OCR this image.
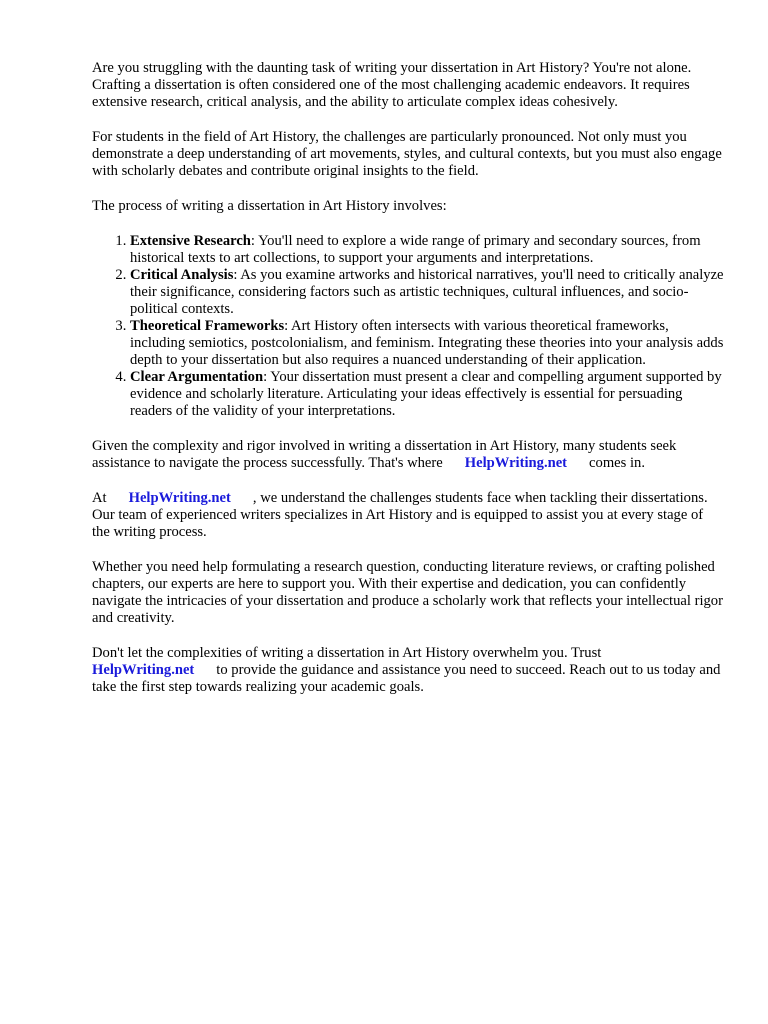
Are you struggling with the daunting task of writing your dissertation in Art History? You're not alone. Crafting a dissertation is often considered one of the most challenging academic endeavors. It requires extensive research, critical analysis, and the ability to articulate complex ideas cohesively.

For students in the field of Art History, the challenges are particularly pronounced. Not only must you demonstrate a deep understanding of art movements, styles, and cultural contexts, but you must also engage with scholarly debates and contribute original insights to the field.

The process of writing a dissertation in Art History involves:

1. Extensive Research: You'll need to explore a wide range of primary and secondary sources, from historical texts to art collections, to support your arguments and interpretations.
2. Critical Analysis: As you examine artworks and historical narratives, you'll need to critically analyze their significance, considering factors such as artistic techniques, cultural influences, and socio-political contexts.
3. Theoretical Frameworks: Art History often intersects with various theoretical frameworks, including semiotics, postcolonialism, and feminism. Integrating these theories into your analysis adds depth to your dissertation but also requires a nuanced understanding of their application.
4. Clear Argumentation: Your dissertation must present a clear and compelling argument supported by evidence and scholarly literature. Articulating your ideas effectively is essential for persuading readers of the validity of your interpretations.

Given the complexity and rigor involved in writing a dissertation in Art History, many students seek assistance to navigate the process successfully. That's where HelpWriting.net comes in.

At HelpWriting.net , we understand the challenges students face when tackling their dissertations. Our team of experienced writers specializes in Art History and is equipped to assist you at every stage of the writing process.

Whether you need help formulating a research question, conducting literature reviews, or crafting polished chapters, our experts are here to support you. With their expertise and dedication, you can confidently navigate the intricacies of your dissertation and produce a scholarly work that reflects your intellectual rigor and creativity.

Don't let the complexities of writing a dissertation in Art History overwhelm you. Trust HelpWriting.net to provide the guidance and assistance you need to succeed. Reach out to us today and take the first step towards realizing your academic goals.
